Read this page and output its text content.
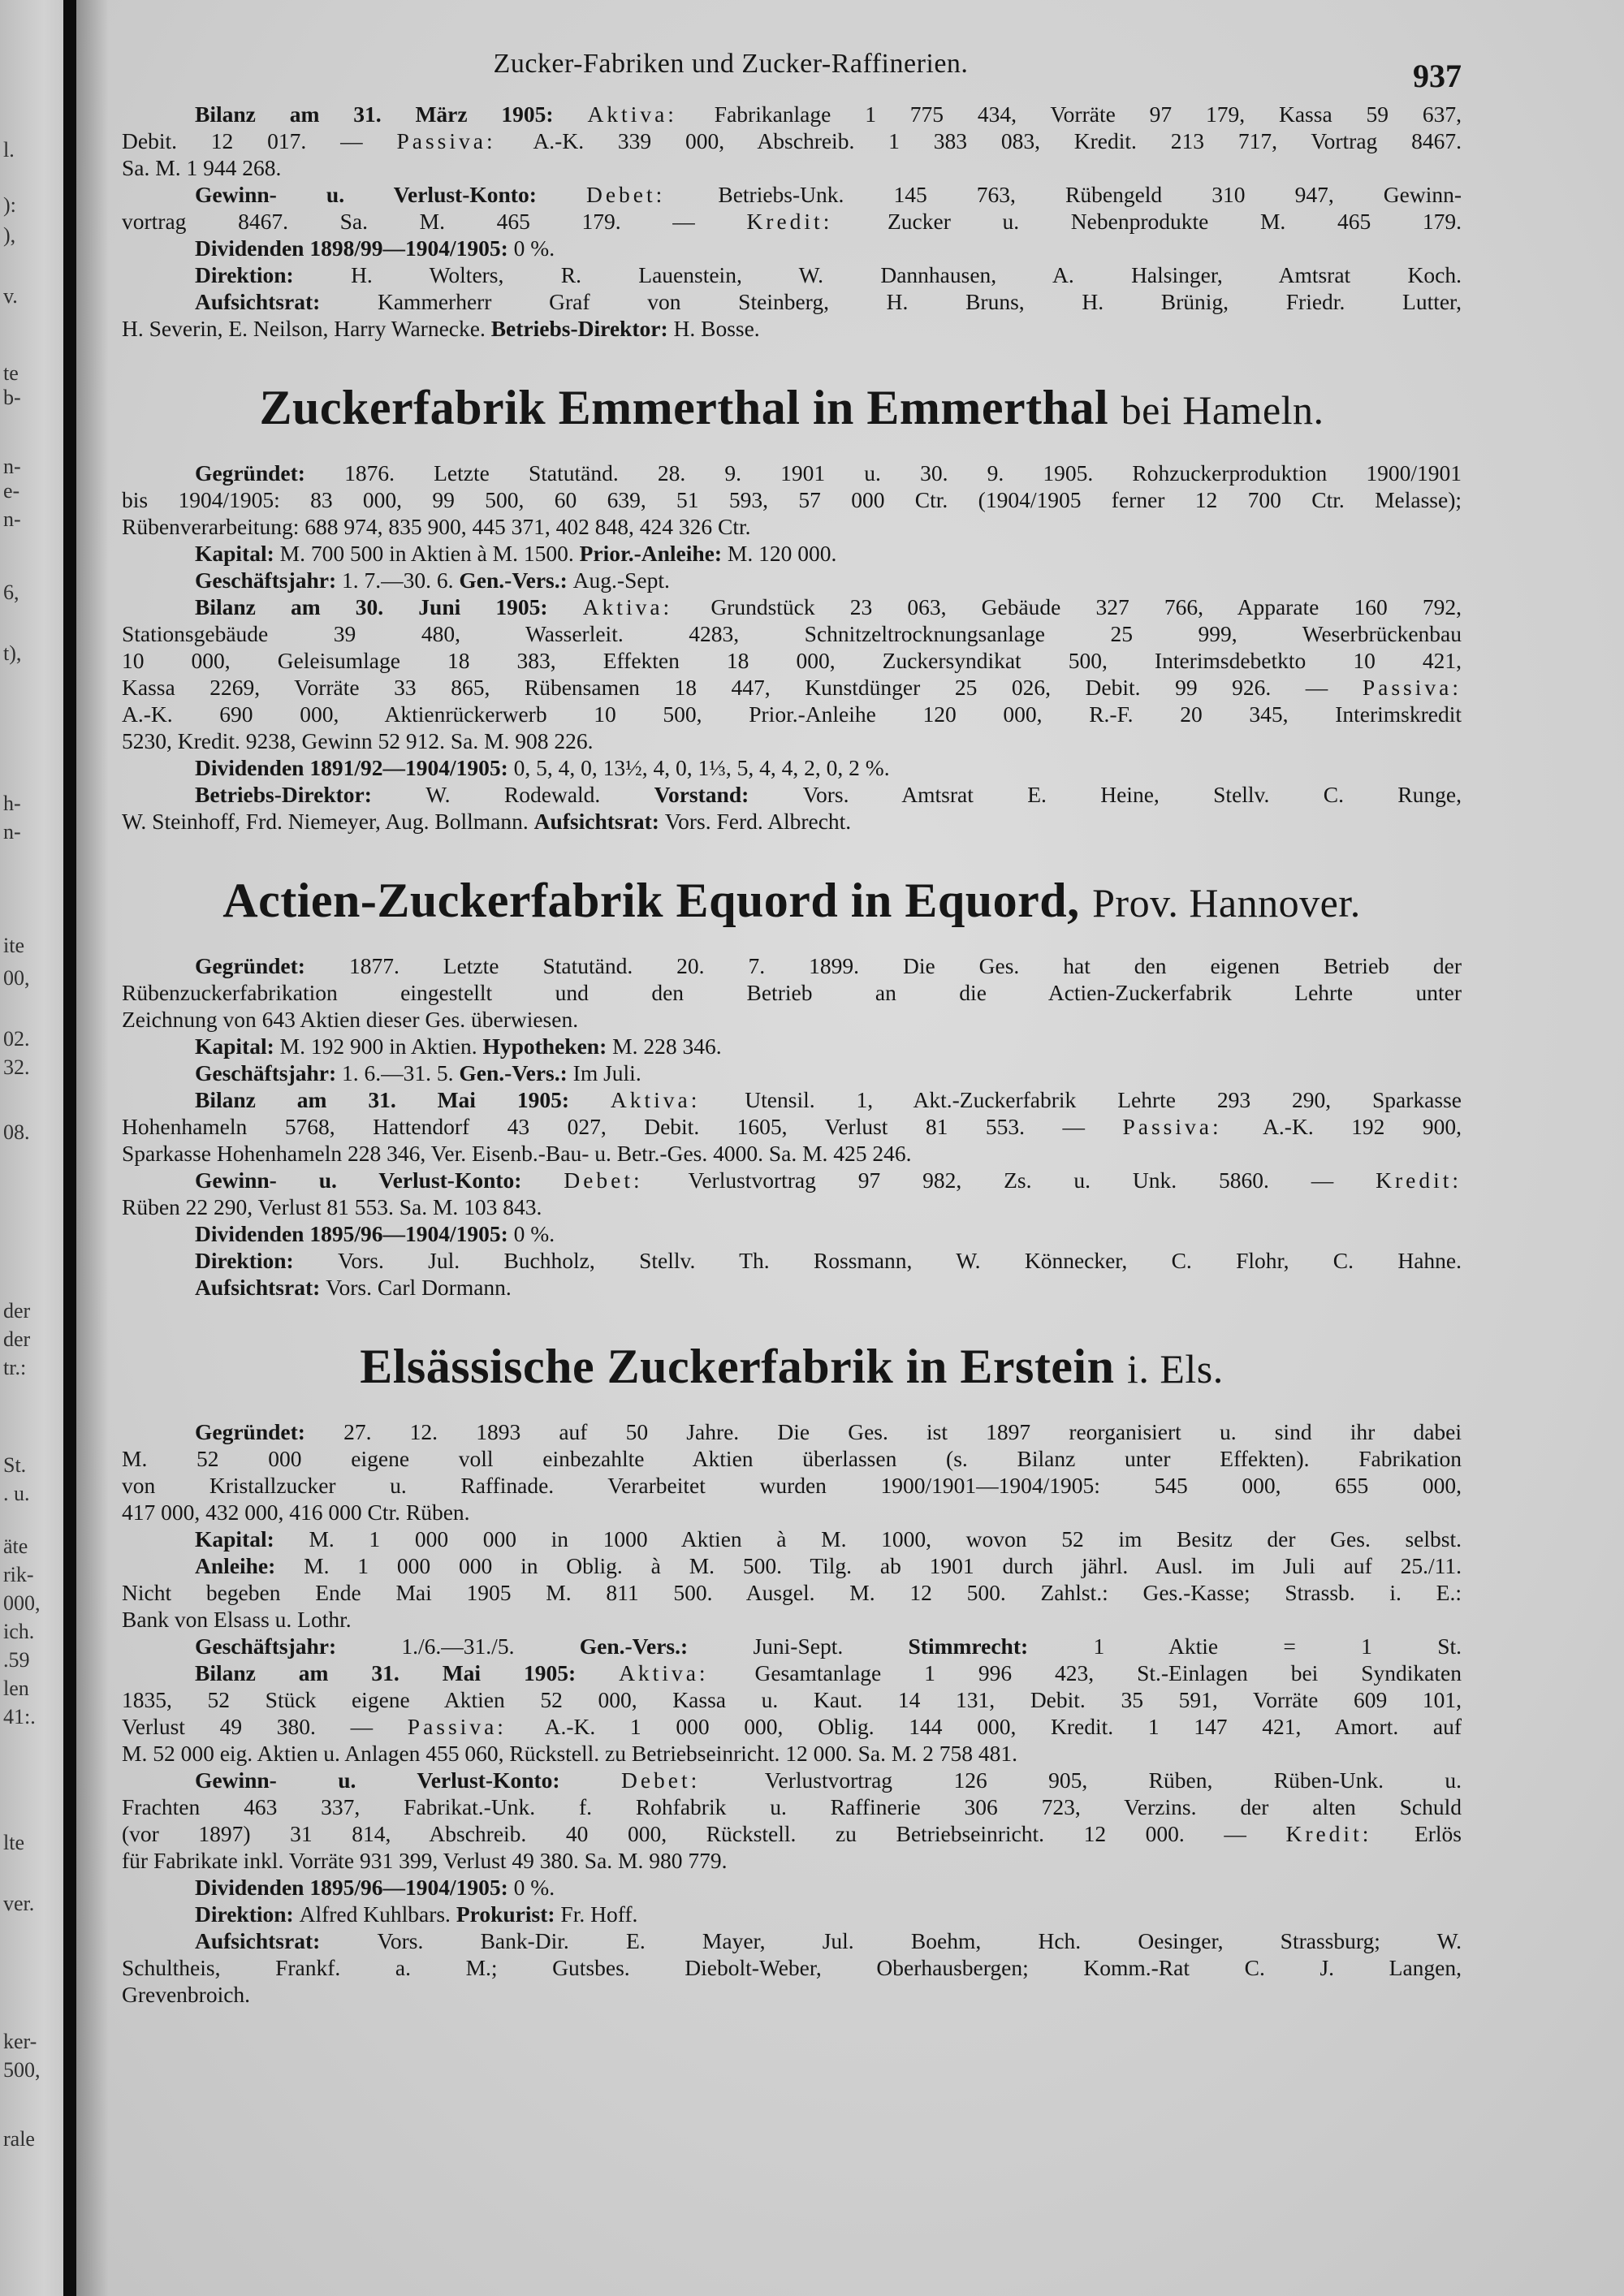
l.
):
),
v.
te
b-
n-
e-
n-
6,
t),
h-
n-
ite
00,
02.
32.
08.
der
der
tr.:
St.
. u.
äte
rik-
000,
ich.
.59
len
41:.
lte
ver.
ker-
500,
rale
Zucker-Fabriken und Zucker-Raffinerien.	937
Bilanz am 31. März 1905: Aktiva: Fabrikanlage 1 775 434, Vorräte 97 179, Kassa 59 637,
Debit. 12 017. — Passiva: A.-K. 339 000, Abschreib. 1 383 083, Kredit. 213 717, Vortrag 8467.
Sa. M. 1 944 268.
Gewinn- u. Verlust-Konto: Debet: Betriebs-Unk. 145 763, Rübengeld 310 947, Gewinn-
vortrag 8467. Sa. M. 465 179. — Kredit: Zucker u. Nebenprodukte M. 465 179.
Dividenden 1898/99—1904/1905: 0 %.
Direktion: H. Wolters, R. Lauenstein, W. Dannhausen, A. Halsinger, Amtsrat Koch.
Aufsichtsrat: Kammerherr Graf von Steinberg, H. Bruns, H. Brünig, Friedr. Lutter,
H. Severin, E. Neilson, Harry Warnecke. Betriebs-Direktor: H. Bosse.
Zuckerfabrik Emmerthal in Emmerthal bei Hameln.
Gegründet: 1876. Letzte Statutänd. 28. 9. 1901 u. 30. 9. 1905. Rohzuckerproduktion 1900/1901
bis 1904/1905: 83 000, 99 500, 60 639, 51 593, 57 000 Ctr. (1904/1905 ferner 12 700 Ctr. Melasse);
Rübenverarbeitung: 688 974, 835 900, 445 371, 402 848, 424 326 Ctr.
Kapital: M. 700 500 in Aktien à M. 1500. Prior.-Anleihe: M. 120 000.
Geschäftsjahr: 1. 7.—30. 6. Gen.-Vers.: Aug.-Sept.
Bilanz am 30. Juni 1905: Aktiva: Grundstück 23 063, Gebäude 327 766, Apparate 160 792,
Stationsgebäude 39 480, Wasserleit. 4283, Schnitzeltrocknungsanlage 25 999, Weserbrückenbau
10 000, Geleisumlage 18 383, Effekten 18 000, Zuckersyndikat 500, Interimsdebetkto 10 421,
Kassa 2269, Vorräte 33 865, Rübensamen 18 447, Kunstdünger 25 026, Debit. 99 926. — Passiva:
A.-K. 690 000, Aktienrückerwerb 10 500, Prior.-Anleihe 120 000, R.-F. 20 345, Interimskredit
5230, Kredit. 9238, Gewinn 52 912. Sa. M. 908 226.
Dividenden 1891/92—1904/1905: 0, 5, 4, 0, 13½, 4, 0, 1⅓, 5, 4, 4, 2, 0, 2 %.
Betriebs-Direktor: W. Rodewald. Vorstand: Vors. Amtsrat E. Heine, Stellv. C. Runge,
W. Steinhoff, Frd. Niemeyer, Aug. Bollmann. Aufsichtsrat: Vors. Ferd. Albrecht.
Actien-Zuckerfabrik Equord in Equord, Prov. Hannover.
Gegründet: 1877. Letzte Statutänd. 20. 7. 1899. Die Ges. hat den eigenen Betrieb der
Rübenzuckerfabrikation eingestellt und den Betrieb an die Actien-Zuckerfabrik Lehrte unter
Zeichnung von 643 Aktien dieser Ges. überwiesen.
Kapital: M. 192 900 in Aktien. Hypotheken: M. 228 346.
Geschäftsjahr: 1. 6.—31. 5. Gen.-Vers.: Im Juli.
Bilanz am 31. Mai 1905: Aktiva: Utensil. 1, Akt.-Zuckerfabrik Lehrte 293 290, Sparkasse
Hohenhameln 5768, Hattendorf 43 027, Debit. 1605, Verlust 81 553. — Passiva: A.-K. 192 900,
Sparkasse Hohenhameln 228 346, Ver. Eisenb.-Bau- u. Betr.-Ges. 4000. Sa. M. 425 246.
Gewinn- u. Verlust-Konto: Debet: Verlustvortrag 97 982, Zs. u. Unk. 5860. — Kredit:
Rüben 22 290, Verlust 81 553. Sa. M. 103 843.
Dividenden 1895/96—1904/1905: 0 %.
Direktion: Vors. Jul. Buchholz, Stellv. Th. Rossmann, W. Könnecker, C. Flohr, C. Hahne.
Aufsichtsrat: Vors. Carl Dormann.
Elsässische Zuckerfabrik in Erstein i. Els.
Gegründet: 27. 12. 1893 auf 50 Jahre. Die Ges. ist 1897 reorganisiert u. sind ihr dabei
M. 52 000 eigene voll einbezahlte Aktien überlassen (s. Bilanz unter Effekten). Fabrikation
von Kristallzucker u. Raffinade. Verarbeitet wurden 1900/1901—1904/1905: 545 000, 655 000,
417 000, 432 000, 416 000 Ctr. Rüben.
Kapital: M. 1 000 000 in 1000 Aktien à M. 1000, wovon 52 im Besitz der Ges. selbst.
Anleihe: M. 1 000 000 in Oblig. à M. 500. Tilg. ab 1901 durch jährl. Ausl. im Juli auf 25./11.
Nicht begeben Ende Mai 1905 M. 811 500. Ausgel. M. 12 500. Zahlst.: Ges.-Kasse; Strassb. i. E.:
Bank von Elsass u. Lothr.
Geschäftsjahr: 1./6.—31./5. Gen.-Vers.: Juni-Sept. Stimmrecht: 1 Aktie = 1 St.
Bilanz am 31. Mai 1905: Aktiva: Gesamtanlage 1 996 423, St.-Einlagen bei Syndikaten
1835, 52 Stück eigene Aktien 52 000, Kassa u. Kaut. 14 131, Debit. 35 591, Vorräte 609 101,
Verlust 49 380. — Passiva: A.-K. 1 000 000, Oblig. 144 000, Kredit. 1 147 421, Amort. auf
M. 52 000 eig. Aktien u. Anlagen 455 060, Rückstell. zu Betriebseinricht. 12 000. Sa. M. 2 758 481.
Gewinn- u. Verlust-Konto: Debet: Verlustvortrag 126 905, Rüben, Rüben-Unk. u.
Frachten 463 337, Fabrikat.-Unk. f. Rohfabrik u. Raffinerie 306 723, Verzins. der alten Schuld
(vor 1897) 31 814, Abschreib. 40 000, Rückstell. zu Betriebseinricht. 12 000. — Kredit: Erlös
für Fabrikate inkl. Vorräte 931 399, Verlust 49 380. Sa. M. 980 779.
Dividenden 1895/96—1904/1905: 0 %.
Direktion: Alfred Kuhlbars. Prokurist: Fr. Hoff.
Aufsichtsrat: Vors. Bank-Dir. E. Mayer, Jul. Boehm, Hch. Oesinger, Strassburg; W.
Schultheis, Frankf. a. M.; Gutsbes. Diebolt-Weber, Oberhausbergen; Komm.-Rat C. J. Langen,
Grevenbroich.
